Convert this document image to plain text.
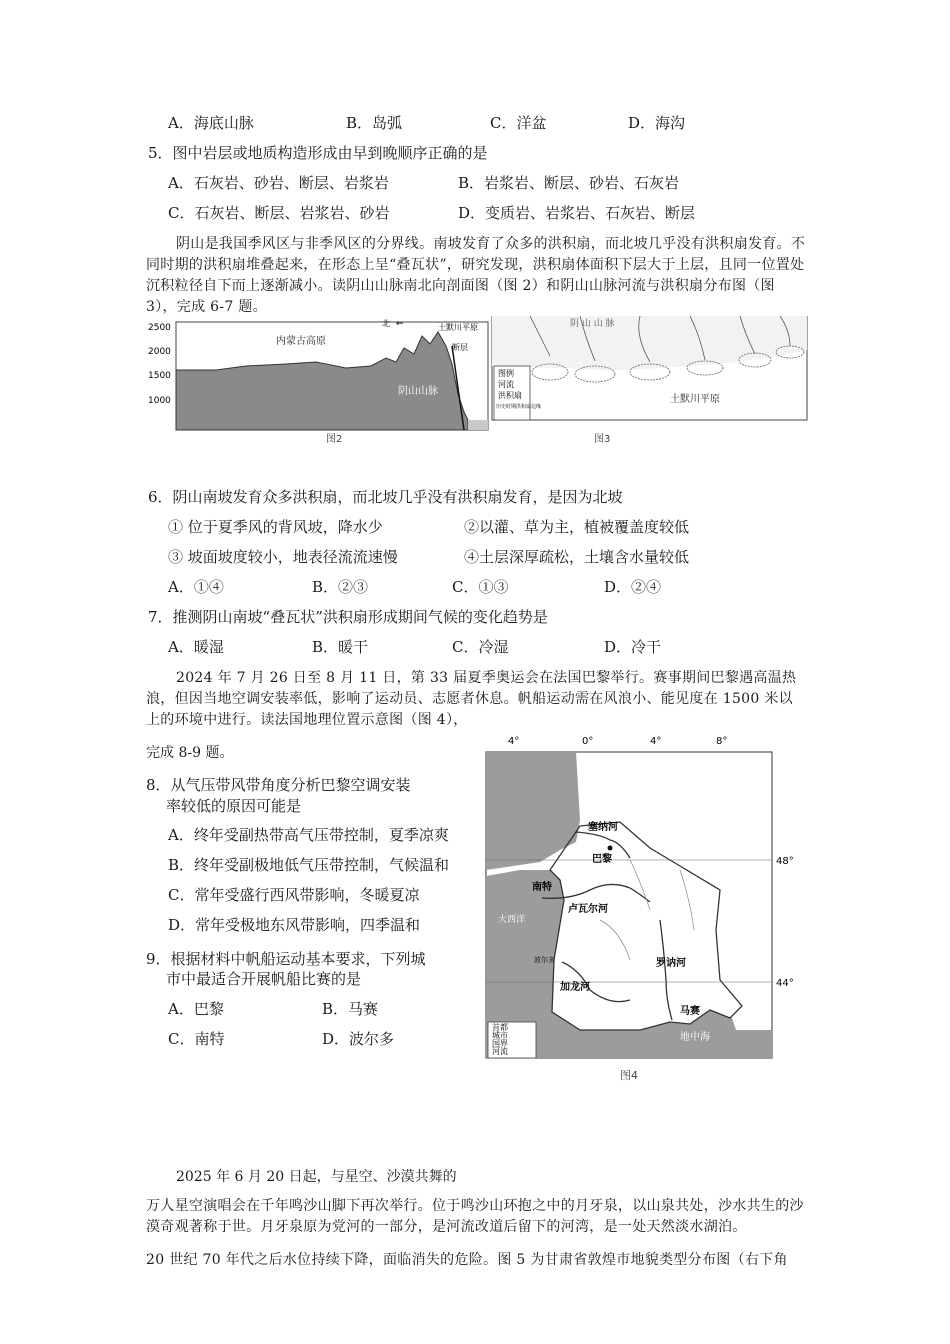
A．海底山脉	B．岛弧	C．洋盆	D．海沟
5．图中岩层或地质构造形成由早到晚顺序正确的是
A．石灰岩、砂岩、断层、岩浆岩	B．岩浆岩、断层、砂岩、石灰岩
C．石灰岩、断层、岩浆岩、砂岩	D．变质岩、岩浆岩、石灰岩、断层
阴山是我国季风区与非季风区的分界线。南坡发育了众多的洪积扇，而北坡几乎没有洪积扇发育。不同时期的洪积扇堆叠起来，在形态上呈“叠瓦状”，研究发现，洪积扇体面积下层大于上层，且同一位置处沉积粒径自下而上逐渐减小。读阴山山脉南北向剖面图（图 2）和阴山山脉河流与洪积扇分布图（图 3），完成 6-7 题。
2500
2000
1500
1000
内蒙古高原
阴山山脉
北 ←	土默川平原
断层
图2
阴 山 山 脉
土默川平原
图例
河流
洪积扇
历史时期洪积扇边缘
图3
6．阴山南坡发育众多洪积扇，而北坡几乎没有洪积扇发育，是因为北坡
① 位于夏季风的背风坡，降水少	②以灌、草为主，植被覆盖度较低
③ 坡面坡度较小，地表径流流速慢	④土层深厚疏松，土壤含水量较低
A．①④	B．②③	C．①③	D．②④
7．推测阴山南坡“叠瓦状”洪积扇形成期间气候的变化趋势是
A．暖湿	B．暖干	C．冷湿	D．冷干
2024 年 7 月 26 日至 8 月 11 日，第 33 届夏季奥运会在法国巴黎举行。赛事期间巴黎遇高温热浪，但因当地空调安装率低，影响了运动员、志愿者休息。帆船运动需在风浪小、能见度在 1500 米以上的环境中进行。读法国地理位置示意图（图 4），
完成 8-9 题。
8．从气压带风带角度分析巴黎空调安装
率较低的原因可能是
A．终年受副热带高气压带控制，夏季凉爽
B．终年受副极地低气压带控制，气候温和
C．常年受盛行西风带影响，冬暖夏凉
D．常年受极地东风带影响，四季温和
9．根据材料中帆船运动基本要求，下列城
市中最适合开展帆船比赛的是
A．巴黎	B．马赛
C．南特	D．波尔多
4°	0°	4°	8°
48°
44°
塞纳河
巴黎
南特
卢瓦尔河
大西洋
波尔多
加龙河
罗讷河
马赛
地中海
首都
城市
国界
河流
图4
2025 年 6 月 20 日起，与星空、沙漠共舞的
万人星空演唱会在千年鸣沙山脚下再次举行。位于鸣沙山环抱之中的月牙泉，以山泉共处，沙水共生的沙漠奇观著称于世。月牙泉原为党河的一部分，是河流改道后留下的河湾，是一处天然淡水湖泊。
20 世纪 70 年代之后水位持续下降，面临消失的危险。图 5 为甘肃省敦煌市地貌类型分布图（右下角
